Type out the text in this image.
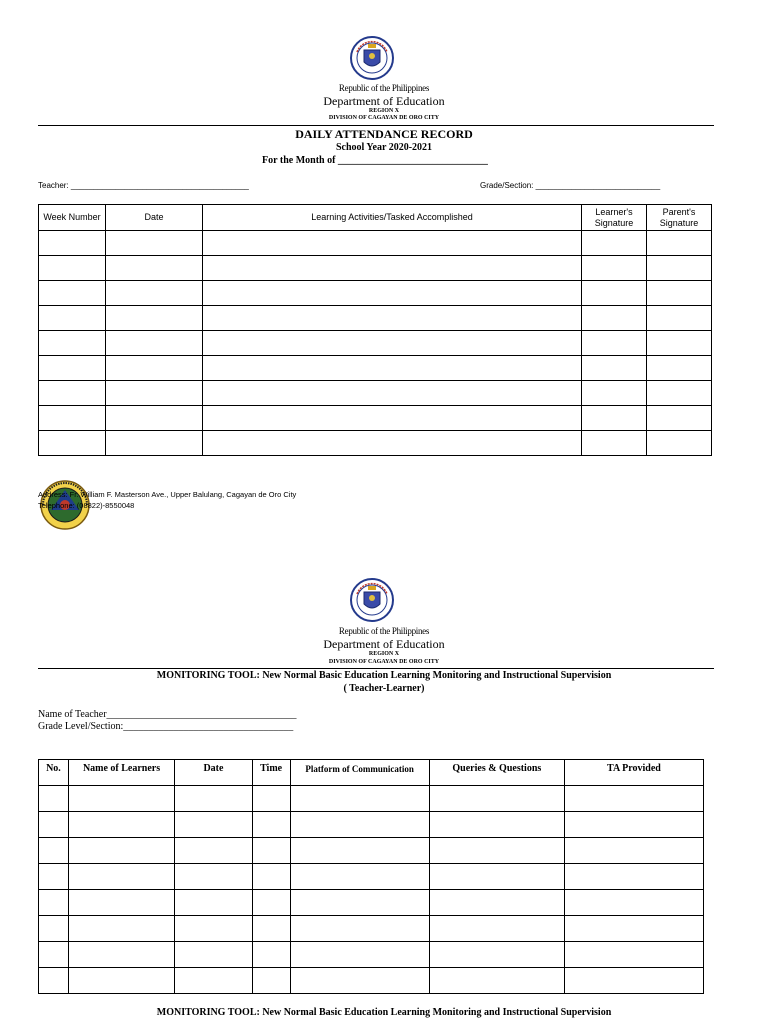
Republic of the Philippines
Department of Education
REGION X
DIVISION OF CAGAYAN DE ORO CITY
DAILY ATTENDANCE RECORD
School Year 2020-2021
For the Month of ______________________________
Teacher: ________________________________________	Grade/Section: ____________________________
Week Number	Date	Learning Activities/Tasked Accomplished	Learner's Signature	Parent's Signature

Address: Fr. William F. Masterson Ave., Upper Balulang, Cagayan de Oro City
Telephone: (08822)-8550048
Republic of the Philippines
Department of Education
REGION X
DIVISION OF CAGAYAN DE ORO CITY
MONITORING TOOL: New Normal Basic Education Learning Monitoring and Instructional Supervision
( Teacher-Learner)
Name of Teacher______________________________________
Grade Level/Section:__________________________________
No.	Name of Learners	Date	Time	Platform of Communication	Queries & Questions	TA Provided

MONITORING TOOL: New Normal Basic Education Learning Monitoring and Instructional Supervision
